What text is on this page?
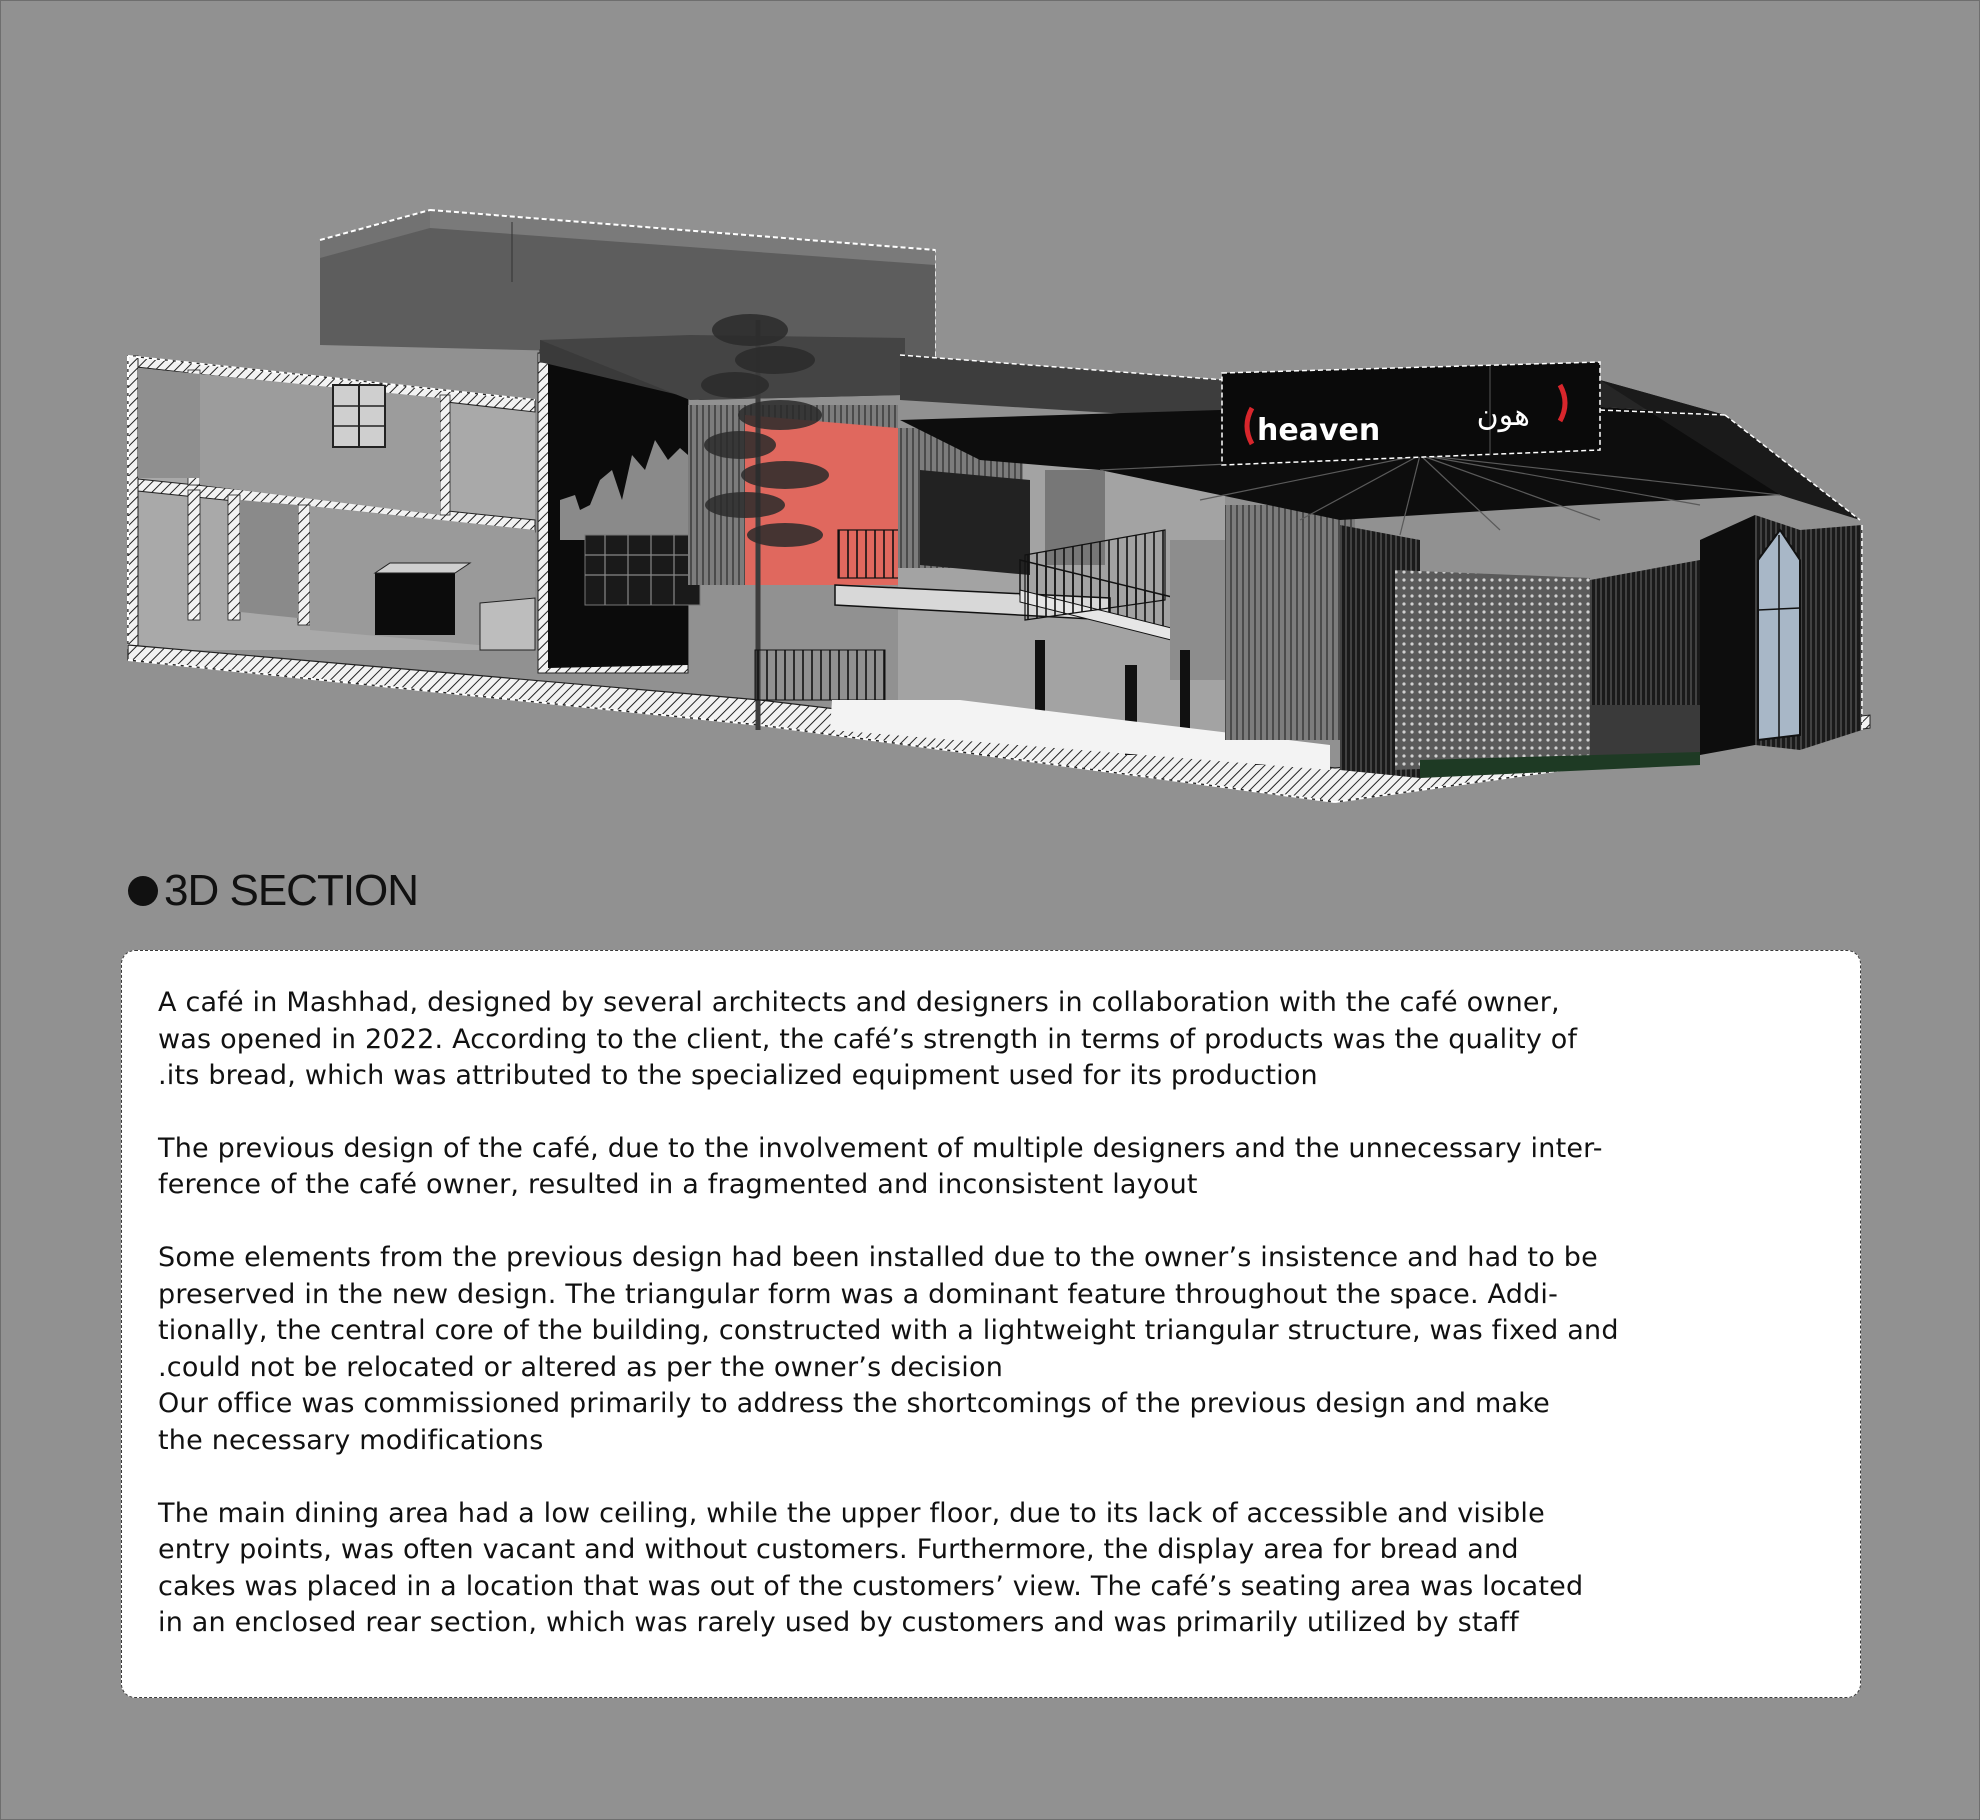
heaven	هون
3D SECTION

A café in Mashhad, designed by several architects and designers in collaboration with the café owner,
was opened in 2022. According to the client, the café’s strength in terms of products was the quality of
.its bread, which was attributed to the specialized equipment used for its production

The previous design of the café, due to the involvement of multiple designers and the unnecessary inter-
ference of the café owner, resulted in a fragmented and inconsistent layout

Some elements from the previous design had been installed due to the owner’s insistence and had to be
preserved in the new design. The triangular form was a dominant feature throughout the space. Addi-
tionally, the central core of the building, constructed with a lightweight triangular structure, was fixed and
.could not be relocated or altered as per the owner’s decision

Our office was commissioned primarily to address the shortcomings of the previous design and make
the necessary modifications

The main dining area had a low ceiling, while the upper floor, due to its lack of accessible and visible
entry points, was often vacant and without customers. Furthermore, the display area for bread and
cakes was placed in a location that was out of the customers’ view. The café’s seating area was located
in an enclosed rear section, which was rarely used by customers and was primarily utilized by staff
